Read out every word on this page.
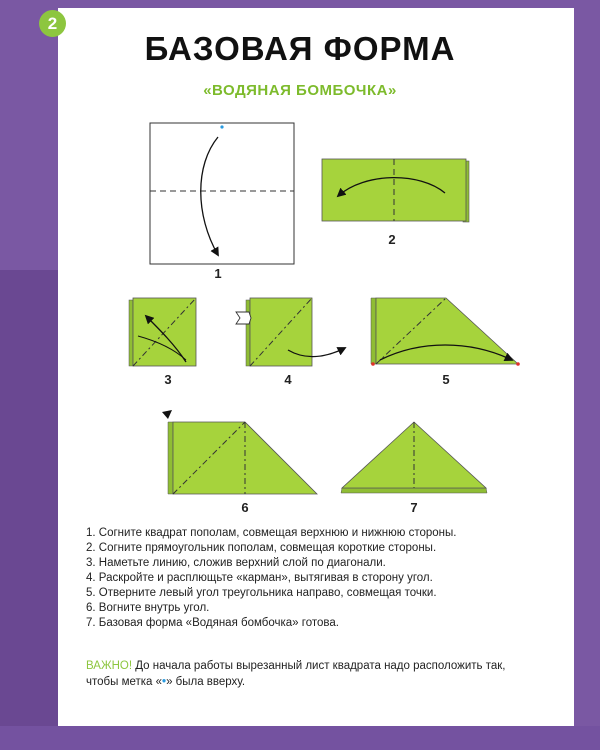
2
БАЗОВАЯ ФОРМА
«ВОДЯНАЯ БОМБОЧКА»
1
2
3	4	5
6	7
1. Согните квадрат пополам, совмещая верхнюю и нижнюю стороны.
2. Согните прямоугольник пополам, совмещая короткие стороны.
3. Наметьте линию, сложив верхний слой по диагонали.
4. Раскройте и расплющьте «карман», вытягивая в сторону угол.
5. Отверните левый угол треугольника направо, совмещая точки.
6. Вогните внутрь угол.
7. Базовая форма «Водяная бомбочка» готова.
ВАЖНО! До начала работы вырезанный лист квадрата надо расположить так, чтобы метка «•» была вверху.
